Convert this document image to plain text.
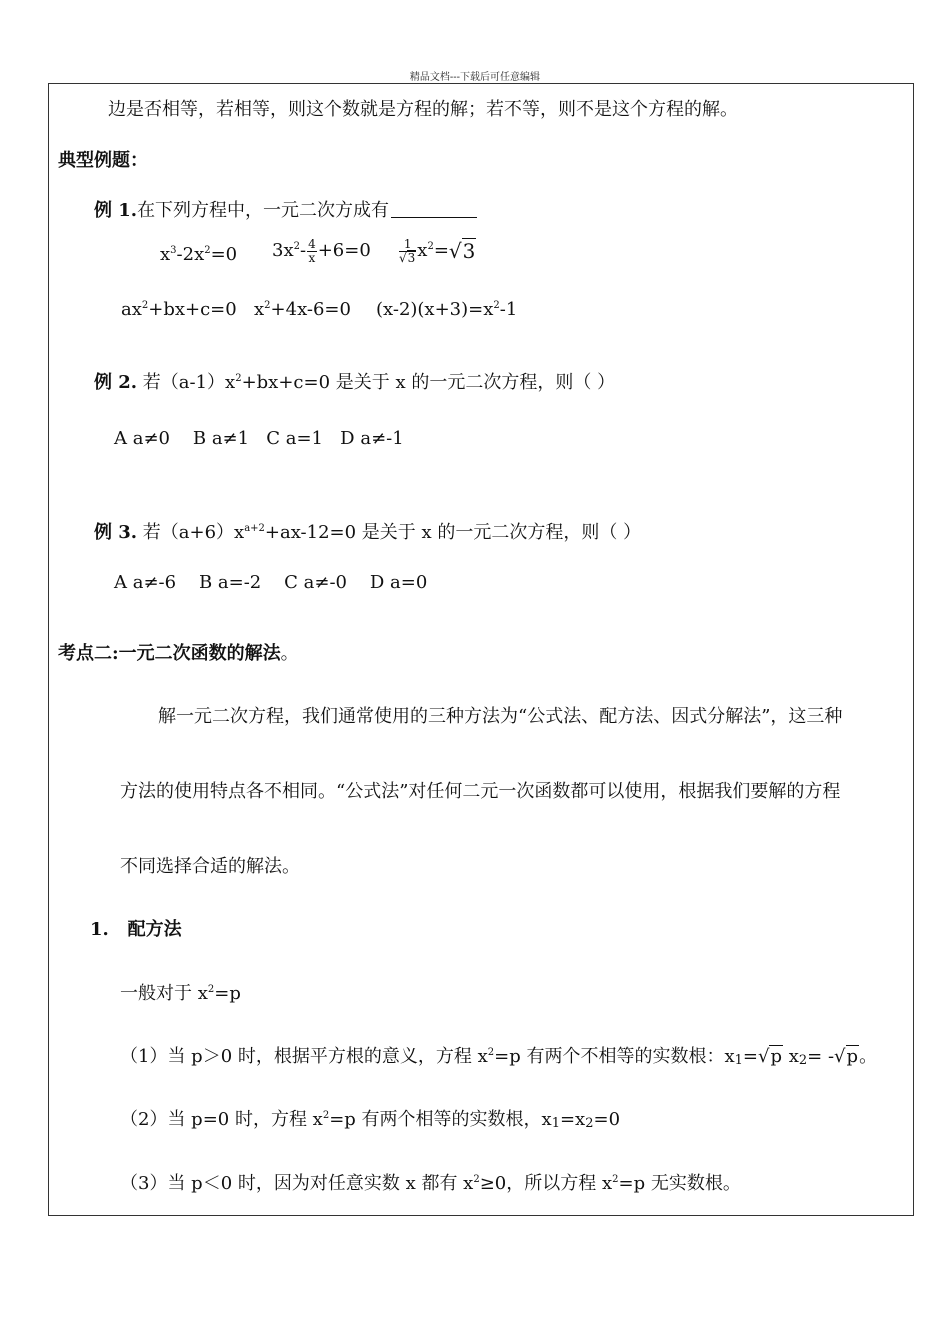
精品文档---下载后可任意编辑
边是否相等，若相等，则这个数就是方程的解；若不等，则不是这个方程的解。
典型例题：
例 1.在下列方程中，一元二次方成有
$x^3-2x^2=0$ $3x^2- \frac{4}{x} +6=0 \frac{1}{√3} x^2=√3$
$ax^2+bx+c=0$ $x^2+4x-6=0$ $(x-2)(x+3)=x^2-1$
例 2. 若$(a-1)x^2+bx+c=0$ 是关于 x 的一元二次方程，则（ ）
A a≠0    B a≠1   C a=1   D a≠-1
例 3. 若$(a+6)x^{a+2}+ax-12=0$ 是关于 x 的一元二次方程，则（ ）
A a≠-6    B a=-2    C a≠-0    D a=0
考点二:一元二次函数的解法。
解一元二次方程，我们通常使用的三种方法为“公式法、配方法、因式分解法”，这三种
方法的使用特点各不相同。“公式法”对任何二元一次函数都可以使用，根据我们要解的方程
不同选择合适的解法。
1.   配方法
一般对于 $x^2=p$
（1）当 p＞0 时，根据平方根的意义，方程 $x^2=p$ 有两个不相等的实数根：$x_1=√p$ $x_2= -√p$。
（2）当 p=0 时，方程 $x^2=p$ 有两个相等的实数根，$x_1=x_2=0$
（3）当 p＜0 时，因为对任意实数 x 都有 $x^2\ge 0$，所以方程 $x^2=p$ 无实数根。
